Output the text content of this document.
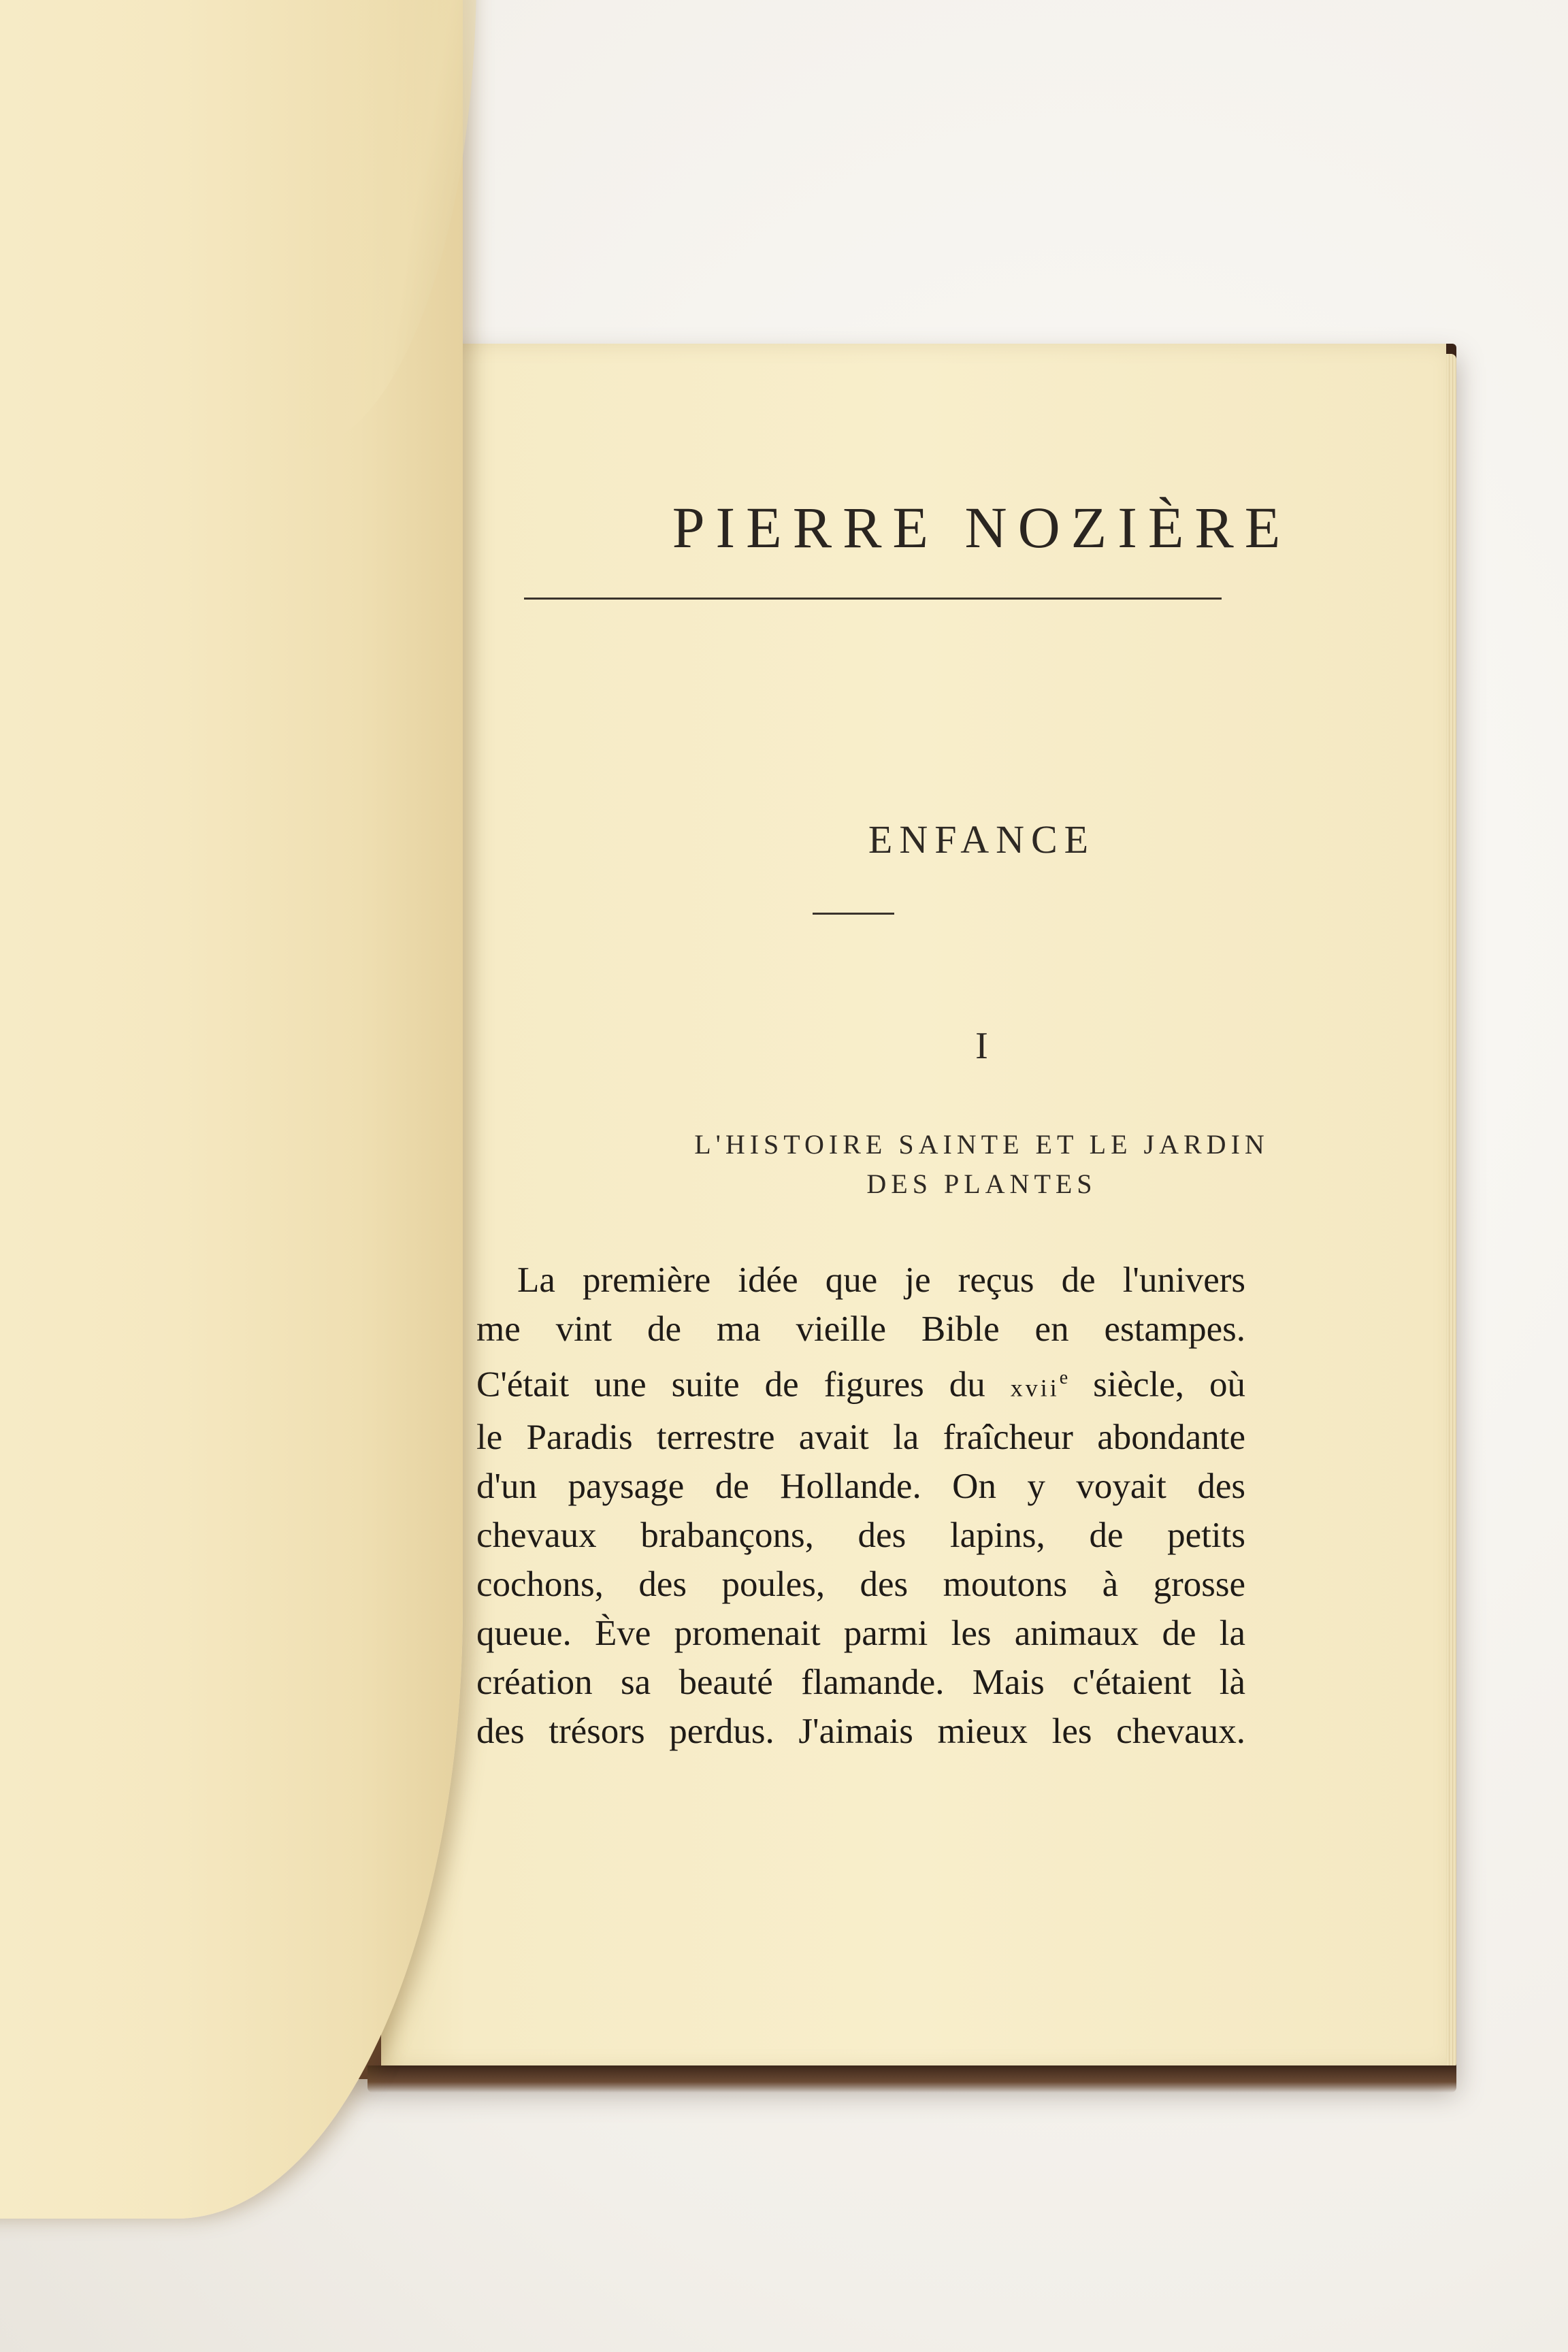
PIERRE NOZIÈRE
ENFANCE
I
L'HISTOIRE SAINTE ET LE JARDIN
DES PLANTES
La première idée que je reçus de l'univers
me vint de ma vieille Bible en estampes.
C'était une suite de figures du xvii$^e$ siècle, où
le Paradis terrestre avait la fraîcheur abondante
d'un paysage de Hollande. On y voyait des
chevaux brabançons, des lapins, de petits
cochons, des poules, des moutons à grosse
queue. Ève promenait parmi les animaux de la
création sa beauté flamande. Mais c'étaient là
des trésors perdus. J'aimais mieux les chevaux.
